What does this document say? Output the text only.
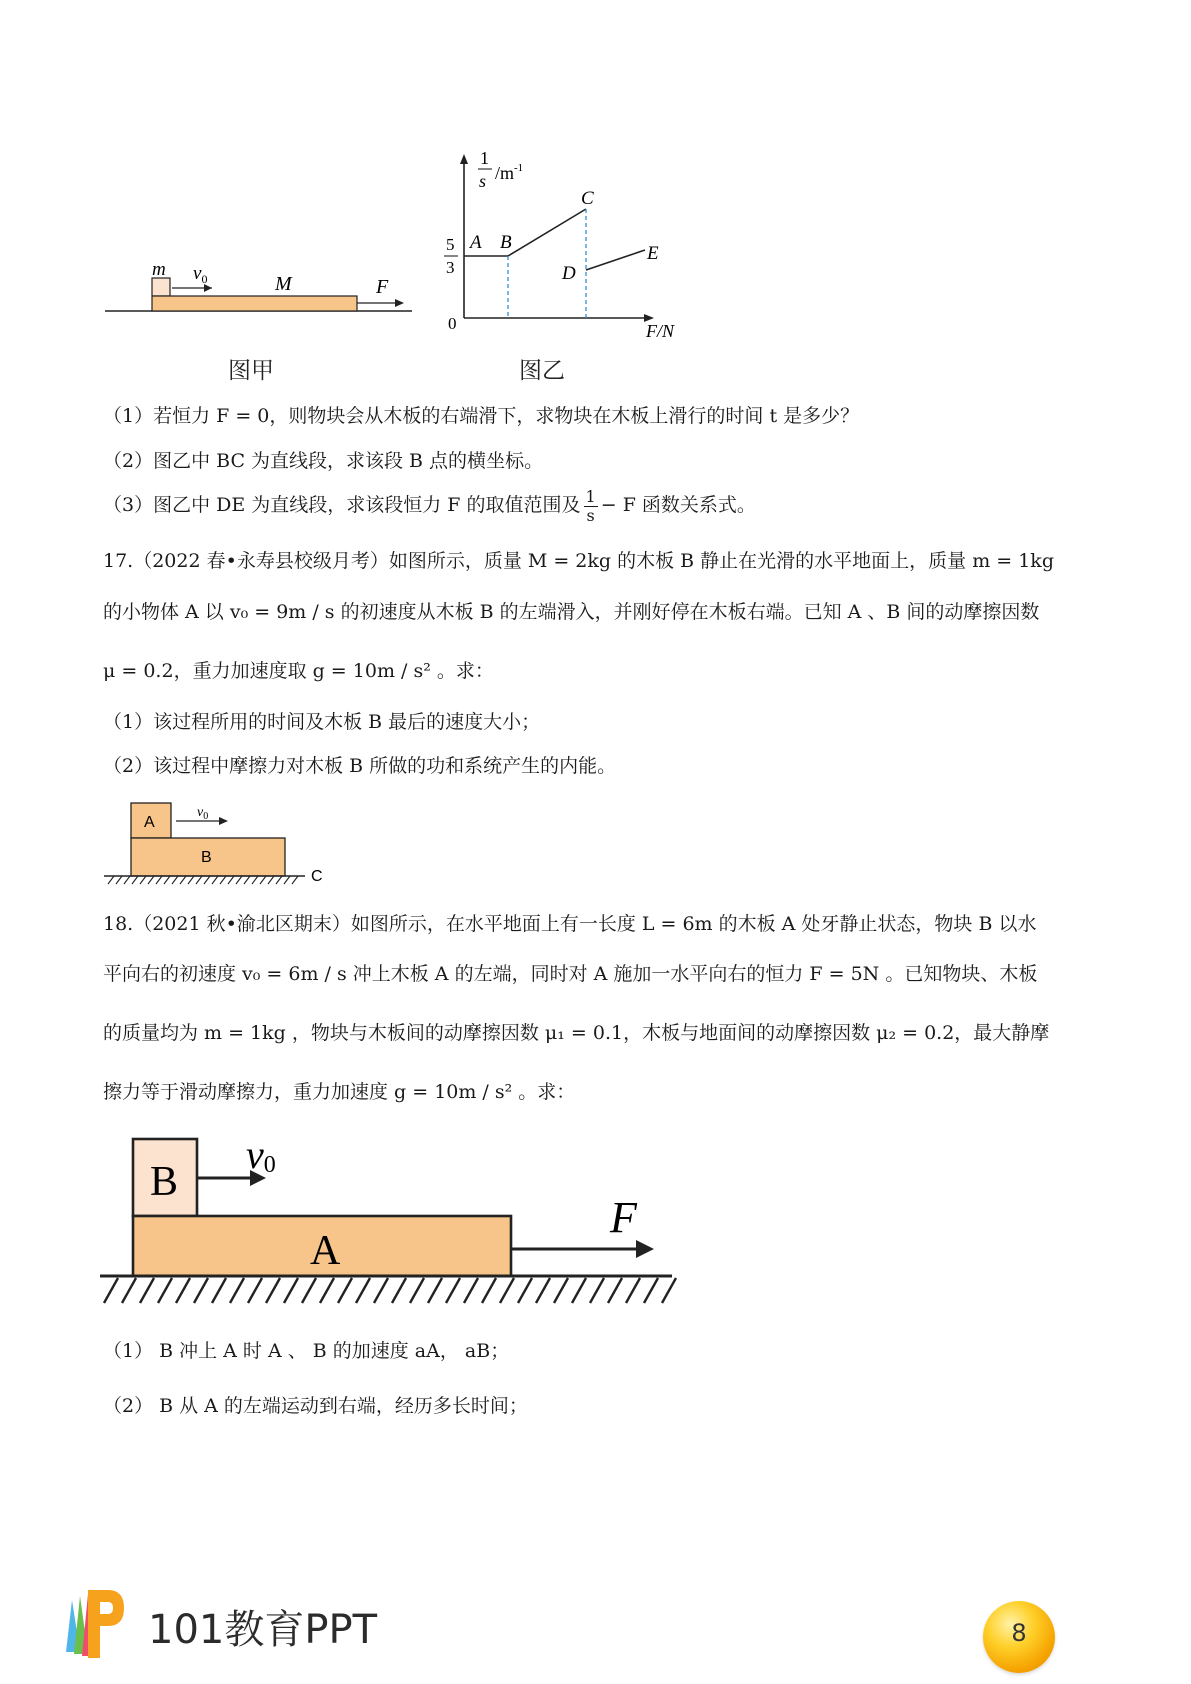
m $v_0$	M	F
图甲
1
s $/m^{-1}$
5
3
0	F/N
A B
C
D
E
图乙
（1）若恒力 F = 0，则物块会从木板的右端滑下，求物块在木板上滑行的时间 t 是多少？
（2）图乙中 BC 为直线段，求该段 B 点的横坐标。
（3）图乙中 DE 为直线段，求该段恒力 F 的取值范围及 $\frac{1}{s} - F$ 函数关系式。
17.（2022 春•永寿县校级月考）如图所示，质量 M = 2kg 的木板 B 静止在光滑的水平地面上，质量 m = 1kg
的小物体 A 以 v₀ = 9m / s 的初速度从木板 B 的左端滑入，并刚好停在木板右端。已知 A 、B 间的动摩擦因数
μ = 0.2，重力加速度取 g = 10m / s² 。求：
（1）该过程所用的时间及木板 B 最后的速度大小；
（2）该过程中摩擦力对木板 B 所做的功和系统产生的内能。
A
B
C
$v_0$
18.（2021 秋•渝北区期末）如图所示，在水平地面上有一长度 L = 6m 的木板 A 处牙静止状态，物块 B 以水
平向右的初速度 v₀ = 6m / s 冲上木板 A 的左端，同时对 A 施加一水平向右的恒力 F = 5N 。已知物块、木板
的质量均为 m = 1kg ，物块与木板间的动摩擦因数 μ₁ = 0.1，木板与地面间的动摩擦因数 μ₂ = 0.2，最大静摩
擦力等于滑动摩擦力，重力加速度 g = 10m / s² 。求：
B
A
F
v0
（1） B 冲上 A 时 A 、 B 的加速度 aA， aB；
（2） B 从 A 的左端运动到右端，经历多长时间；
101教育PPT	8
